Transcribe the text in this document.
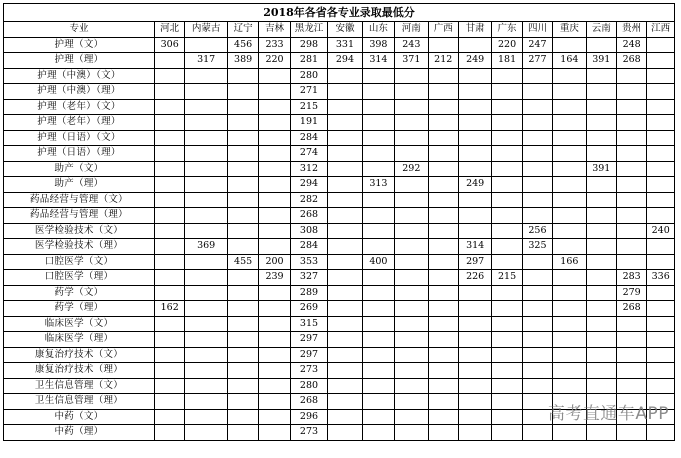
2018年各省各专业录取最低分																
专业	河北	内蒙古	辽宁	吉林	黑龙江	安徽	山东	河南	广西	甘肃	广东	四川	重庆	云南	贵州	江西
护理（文）	306		456	233	298	331	398	243			220	247			248	
护理（理）		317	389	220	281	294	314	371	212	249	181	277	164	391	268	
护理（中澳）（文）					280											
护理（中澳）（理）					271											
护理（老年）（文）					215											
护理（老年）（理）					191											
护理（日语）（文）					284											
护理（日语）（理）					274											
助产（文）					312			292						391		
助产（理）					294		313			249						
药品经营与管理（文）					282											
药品经营与管理（理）					268											
医学检验技术（文）					308							256				240
医学检验技术（理）		369			284					314		325				
口腔医学（文）			455	200	353		400			297			166			
口腔医学（理）				239	327					226	215				283	336
药学（文）					289										279	
药学（理）	162				269										268	
临床医学（文）					315											
临床医学（理）					297											
康复治疗技术（文）					297											
康复治疗技术（理）					273											
卫生信息管理（文）					280											
卫生信息管理（理）					268											
中药（文）					296											
中药（理）					273											
高考直通车APP
